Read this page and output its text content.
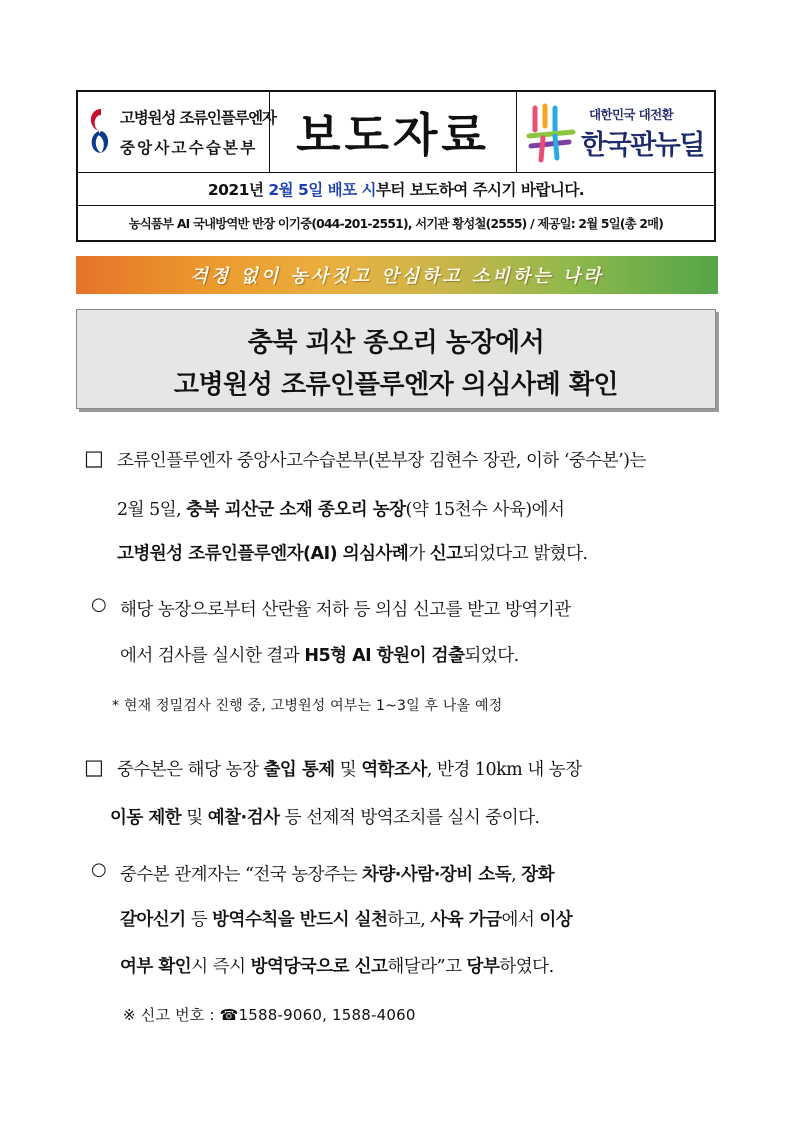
고병원성 조류인플루엔자
중앙사고수습본부 보도자료	대한민국 대전환
한국판뉴딜
2021년 2월 5일 배포 시 부터 보도하여 주시기 바랍니다.
농식품부 AI 국내방역반 반장 이기중(044-201-2551), 서기관 황성철(2555) / 제공일: 2월 5일(총 2매)
걱정 없이 농사짓고 안심하고 소비하는 나라
충북 괴산 종오리 농장에서
고병원성 조류인플루엔자 의심사례 확인
□ 조류인플루엔자 중앙사고수습본부(본부장 김현수 장관, 이하 ‘중수본’)는
2월 5일, 충북 괴산군 소재 종오리 농장(약 15천수 사육)에서
고병원성 조류인플루엔자(AI) 의심사례가 신고되었다고 밝혔다.
○ 해당 농장으로부터 산란율 저하 등 의심 신고를 받고 방역기관
에서 검사를 실시한 결과 H5형 AI 항원이 검출되었다.
* 현재 정밀검사 진행 중, 고병원성 여부는 1~3일 후 나올 예정
□ 중수본은 해당 농장 출입 통제 및 역학조사, 반경 10km 내 농장
이동 제한 및 예찰·검사 등 선제적 방역조치를 실시 중이다.
○ 중수본 관계자는 “전국 농장주는 차량·사람·장비 소독, 장화
갈아신기 등 방역수칙을 반드시 실천하고, 사육 가금에서 이상
여부 확인시 즉시 방역당국으로 신고해달라”고 당부하였다.
※ 신고 번호 : ☎1588-9060, 1588-4060
